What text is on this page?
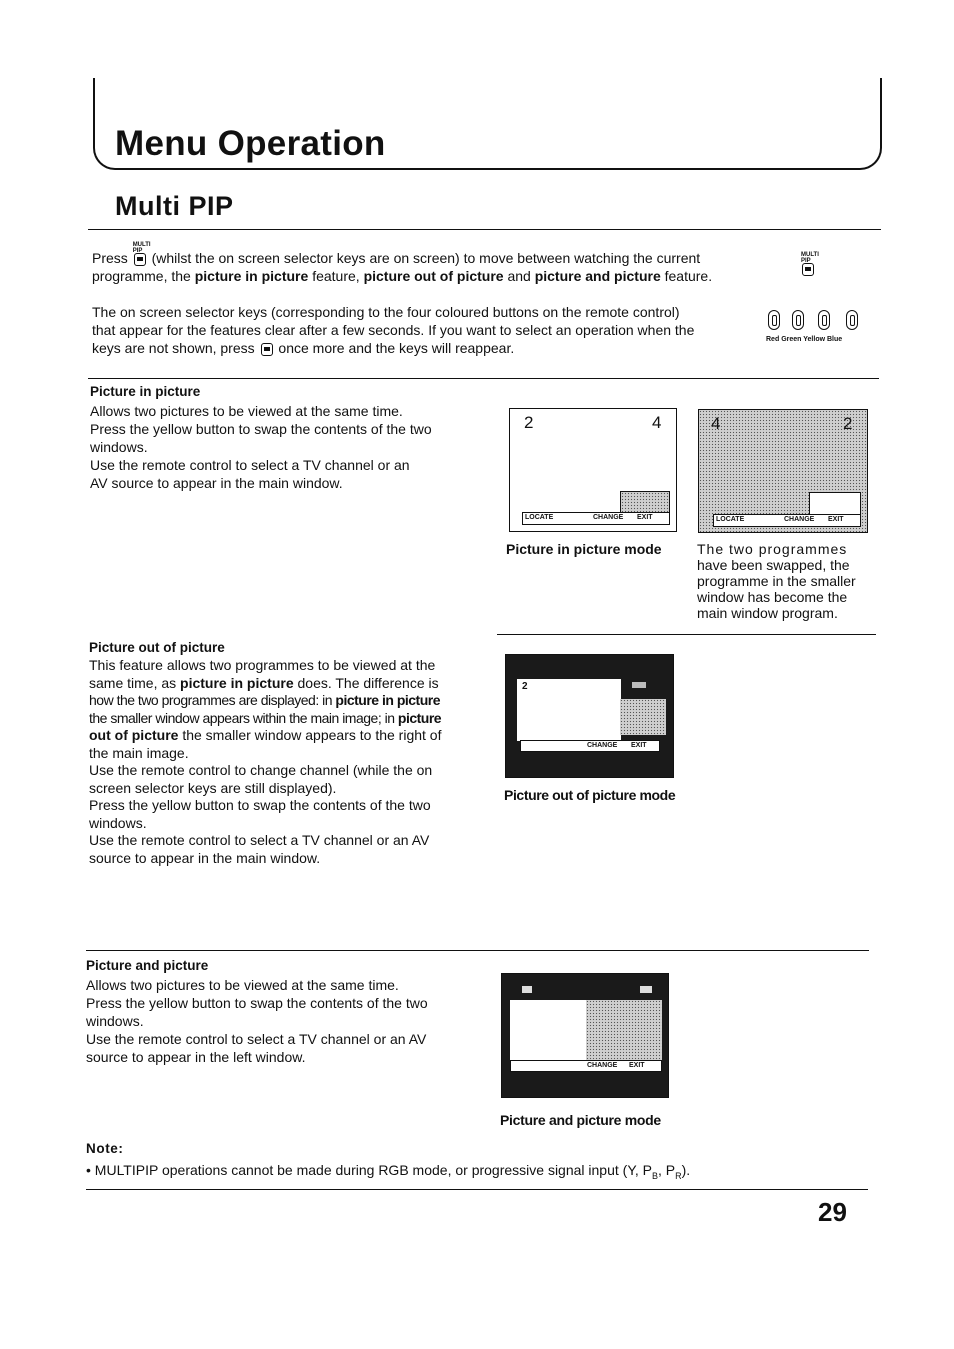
Menu Operation
Multi PIP
Press
MULTI PIP (whilst the on screen selector keys are on screen) to move between watching the current
programme, the picture in picture feature, picture out of picture and picture and picture feature.
MULTI
PIP
The on screen selector keys (corresponding to the four coloured buttons on the remote control)
that appear for the features clear after a few seconds. If you want to select an operation when the
keys are not shown, press once more and the keys will reappear.
Red Green Yellow Blue
Picture in picture
Allows two pictures to be viewed at the same time.
Press the yellow button to swap the contents of the two
windows.
Use the remote control to select a TV channel or an
AV source to appear in the main window.
2	4
LOCATE	CHANGE EXIT
4	2
LOCATE	CHANGE EXIT
Picture in picture mode	The two programmes
have been swapped, the
programme in the smaller
window has become the
main window program.
Picture out of picture
This feature allows two programmes to be viewed at the
same time, as picture in picture does. The difference is
how the two programmes are displayed: in picture in picture
the smaller window appears within the main image; in picture
out of picture the smaller window appears to the right of
the main image.
Use the remote control to change channel (while the on
screen selector keys are still displayed).
Press the yellow button to swap the contents of the two
windows.
Use the remote control to select a TV channel or an AV
source to appear in the main window.
2
CHANGE EXIT
Picture out of picture mode
Picture and picture
Allows two pictures to be viewed at the same time.
Press the yellow button to swap the contents of the two
windows.
Use the remote control to select a TV channel or an AV
source to appear in the left window.
CHANGE EXIT
Picture and picture mode
Note:
• MULTIPIP operations cannot be made during RGB mode, or progressive signal input (Y, $P_B$, $P_R$).
29
